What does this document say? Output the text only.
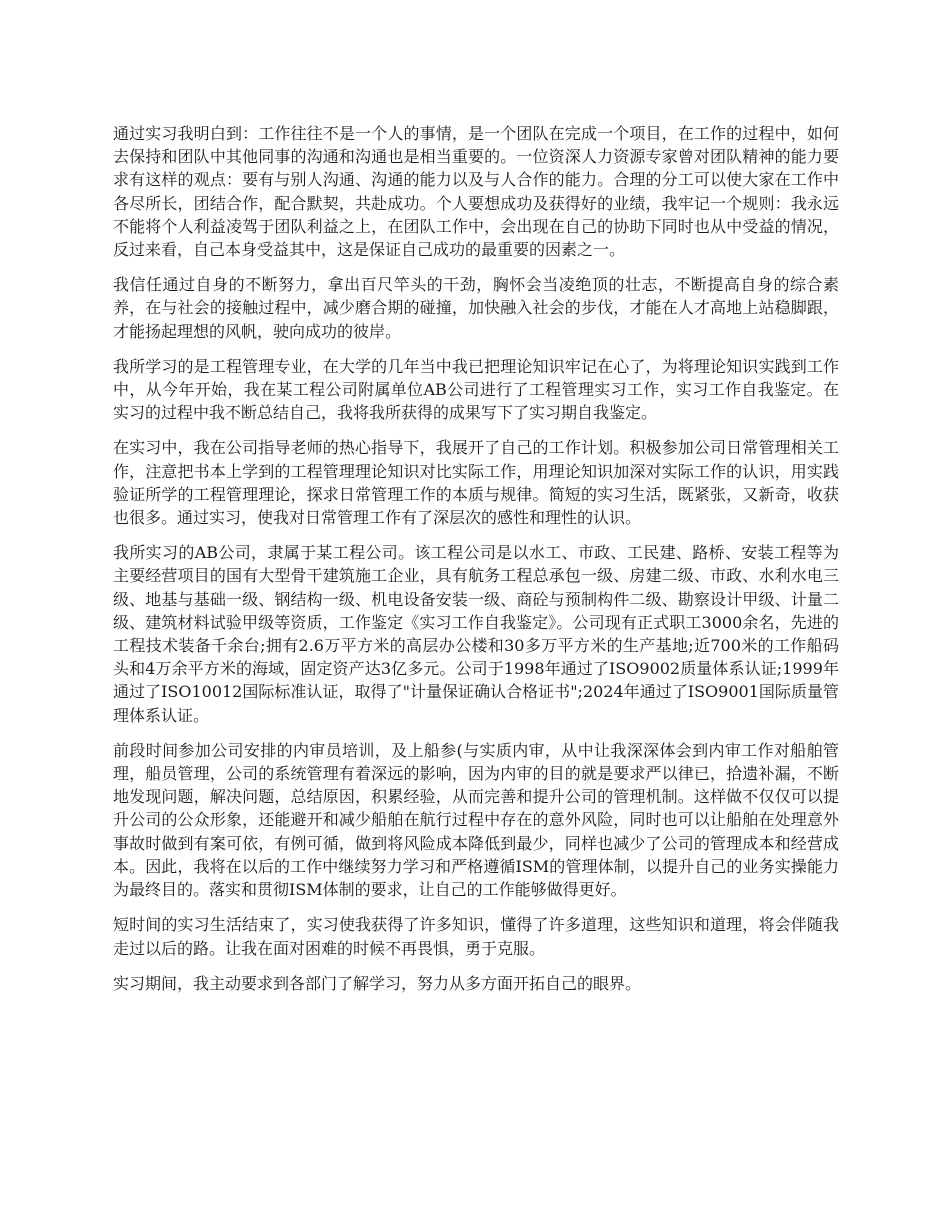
通过实习我明白到：工作往往不是一个人的事情，是一个团队在完成一个项目，在工作的过程中，如何去保持和团队中其他同事的沟通和沟通也是相当重要的。一位资深人力资源专家曾对团队精神的能力要求有这样的观点：要有与别人沟通、沟通的能力以及与人合作的能力。合理的分工可以使大家在工作中各尽所长，团结合作，配合默契，共赴成功。个人要想成功及获得好的业绩，我牢记一个规则：我永远不能将个人利益凌驾于团队利益之上，在团队工作中，会出现在自己的协助下同时也从中受益的情况，反过来看，自己本身受益其中，这是保证自己成功的最重要的因素之一。

我信任通过自身的不断努力，拿出百尺竿头的干劲，胸怀会当凌绝顶的壮志，不断提高自身的综合素养，在与社会的接触过程中，减少磨合期的碰撞，加快融入社会的步伐，才能在人才高地上站稳脚跟，才能扬起理想的风帆，驶向成功的彼岸。

我所学习的是工程管理专业，在大学的几年当中我已把理论知识牢记在心了，为将理论知识实践到工作中，从今年开始，我在某工程公司附属单位AB公司进行了工程管理实习工作，实习工作自我鉴定。在实习的过程中我不断总结自己，我将我所获得的成果写下了实习期自我鉴定。

在实习中，我在公司指导老师的热心指导下，我展开了自己的工作计划。积极参加公司日常管理相关工作，注意把书本上学到的工程管理理论知识对比实际工作，用理论知识加深对实际工作的认识，用实践验证所学的工程管理理论，探求日常管理工作的本质与规律。简短的实习生活，既紧张，又新奇，收获也很多。通过实习，使我对日常管理工作有了深层次的感性和理性的认识。

我所实习的AB公司，隶属于某工程公司。该工程公司是以水工、市政、工民建、路桥、安装工程等为主要经营项目的国有大型骨干建筑施工企业，具有航务工程总承包一级、房建二级、市政、水利水电三级、地基与基础一级、钢结构一级、机电设备安装一级、商砼与预制构件二级、勘察设计甲级、计量二级、建筑材料试验甲级等资质，工作鉴定《实习工作自我鉴定》。公司现有正式职工3000余名，先进的工程技术装备千余台;拥有2.6万平方米的高层办公楼和30多万平方米的生产基地;近700米的工作船码头和4万余平方米的海域，固定资产达3亿多元。公司于1998年通过了ISO9002质量体系认证;1999年通过了ISO10012国际标准认证，取得了"计量保证确认合格证书";2024年通过了ISO9001国际质量管理体系认证。

前段时间参加公司安排的内审员培训，及上船参(与实质内审，从中让我深深体会到内审工作对船舶管理，船员管理，公司的系统管理有着深远的影响，因为内审的目的就是要求严以律已，拾遗补漏，不断地发现问题，解决问题，总结原因，积累经验，从而完善和提升公司的管理机制。这样做不仅仅可以提升公司的公众形象，还能避开和减少船舶在航行过程中存在的意外风险，同时也可以让船舶在处理意外事故时做到有案可依，有例可循，做到将风险成本降低到最少，同样也减少了公司的管理成本和经营成本。因此，我将在以后的工作中继续努力学习和严格遵循ISM的管理体制，以提升自己的业务实操能力为最终目的。落实和贯彻ISM体制的要求，让自己的工作能够做得更好。

短时间的实习生活结束了，实习使我获得了许多知识，懂得了许多道理，这些知识和道理，将会伴随我走过以后的路。让我在面对困难的时候不再畏惧，勇于克服。

实习期间，我主动要求到各部门了解学习，努力从多方面开拓自己的眼界。
